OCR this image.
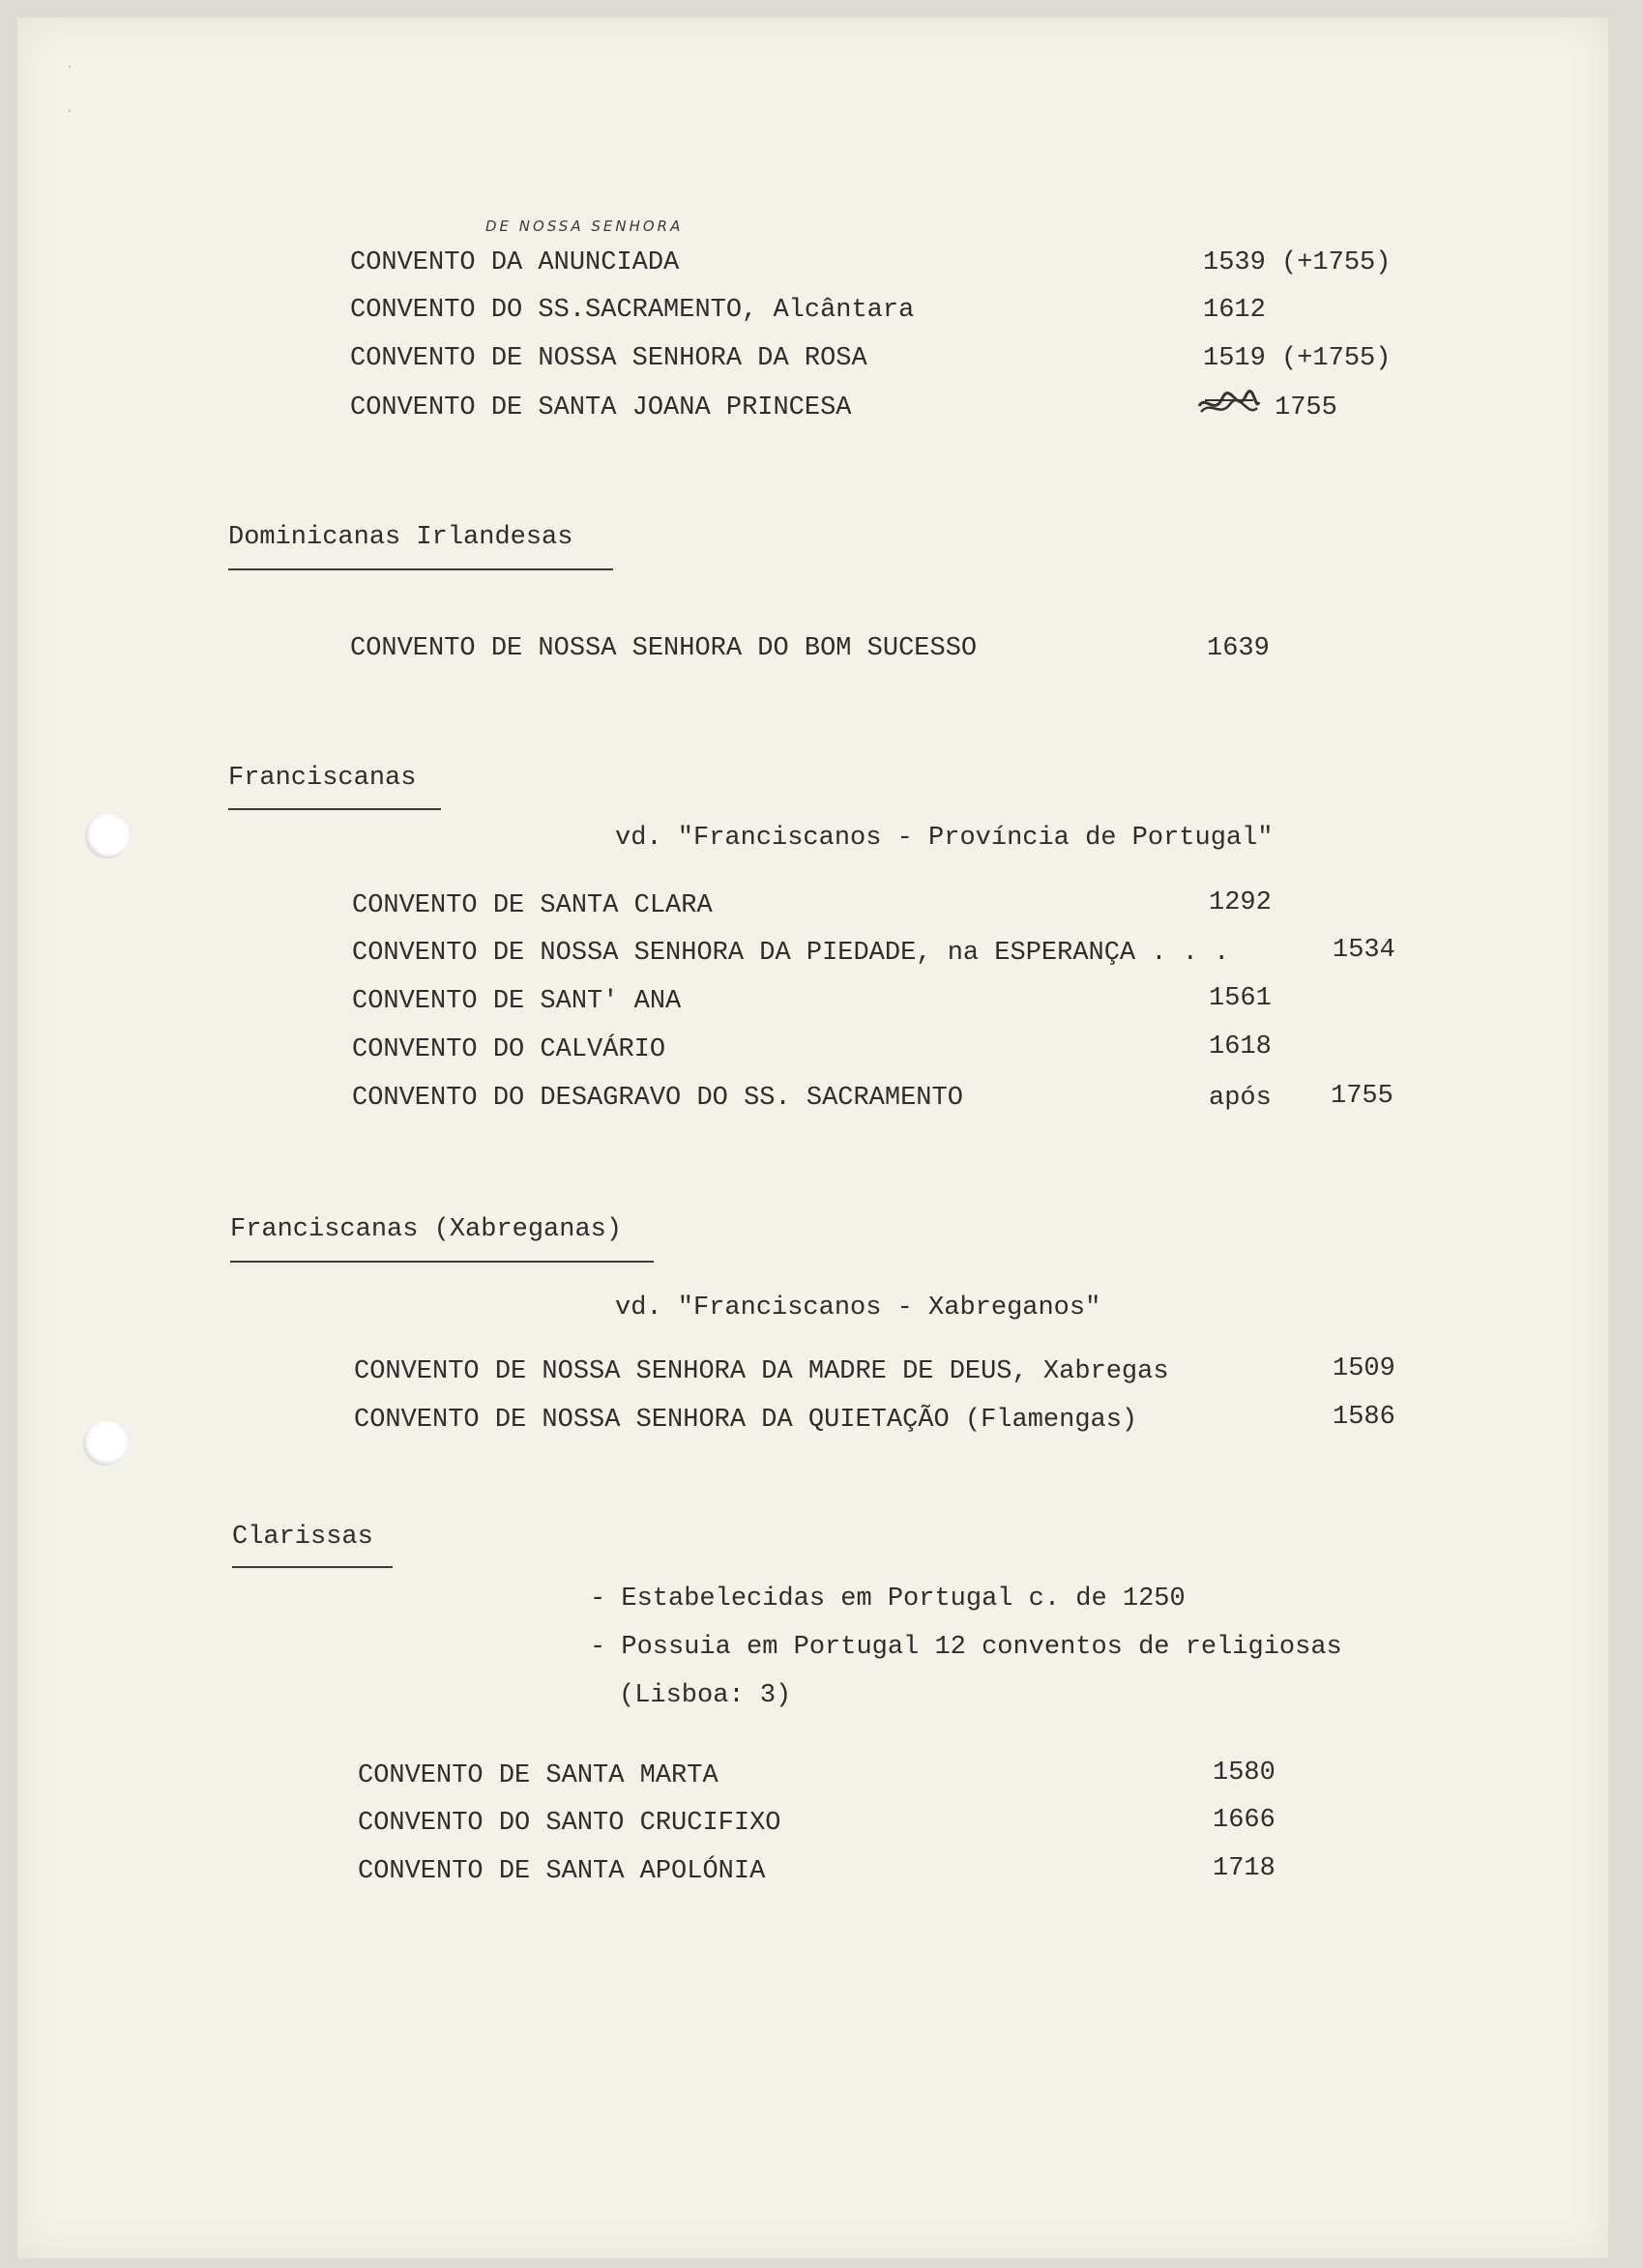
·
·
DE NOSSA SENHORA
CONVENTO DA ANUNCIADA	1539 (+1755)
CONVENTO DO SS.SACRAMENTO, Alcântara	1612
CONVENTO DE NOSSA SENHORA DA ROSA	1519 (+1755)
CONVENTO DE SANTA JOANA PRINCESA	1755
Dominicanas Irlandesas
CONVENTO DE NOSSA SENHORA DO BOM SUCESSO	1639
Franciscanas
vd. "Franciscanos - Província de Portugal"
CONVENTO DE SANTA CLARA	1292
CONVENTO DE NOSSA SENHORA DA PIEDADE, na ESPERANÇA . . .	1534
CONVENTO DE SANT' ANA	1561
CONVENTO DO CALVÁRIO	1618
CONVENTO DO DESAGRAVO DO SS. SACRAMENTO	após 1755
Franciscanas (Xabreganas)
vd. "Franciscanos - Xabreganos"
CONVENTO DE NOSSA SENHORA DA MADRE DE DEUS, Xabregas	1509
CONVENTO DE NOSSA SENHORA DA QUIETAÇÃO (Flamengas)	1586
Clarissas
- Estabelecidas em Portugal c. de 1250
- Possuia em Portugal 12 conventos de religiosas
(Lisboa: 3)
CONVENTO DE SANTA MARTA	1580
CONVENTO DO SANTO CRUCIFIXO	1666
CONVENTO DE SANTA APOLÓNIA	1718
